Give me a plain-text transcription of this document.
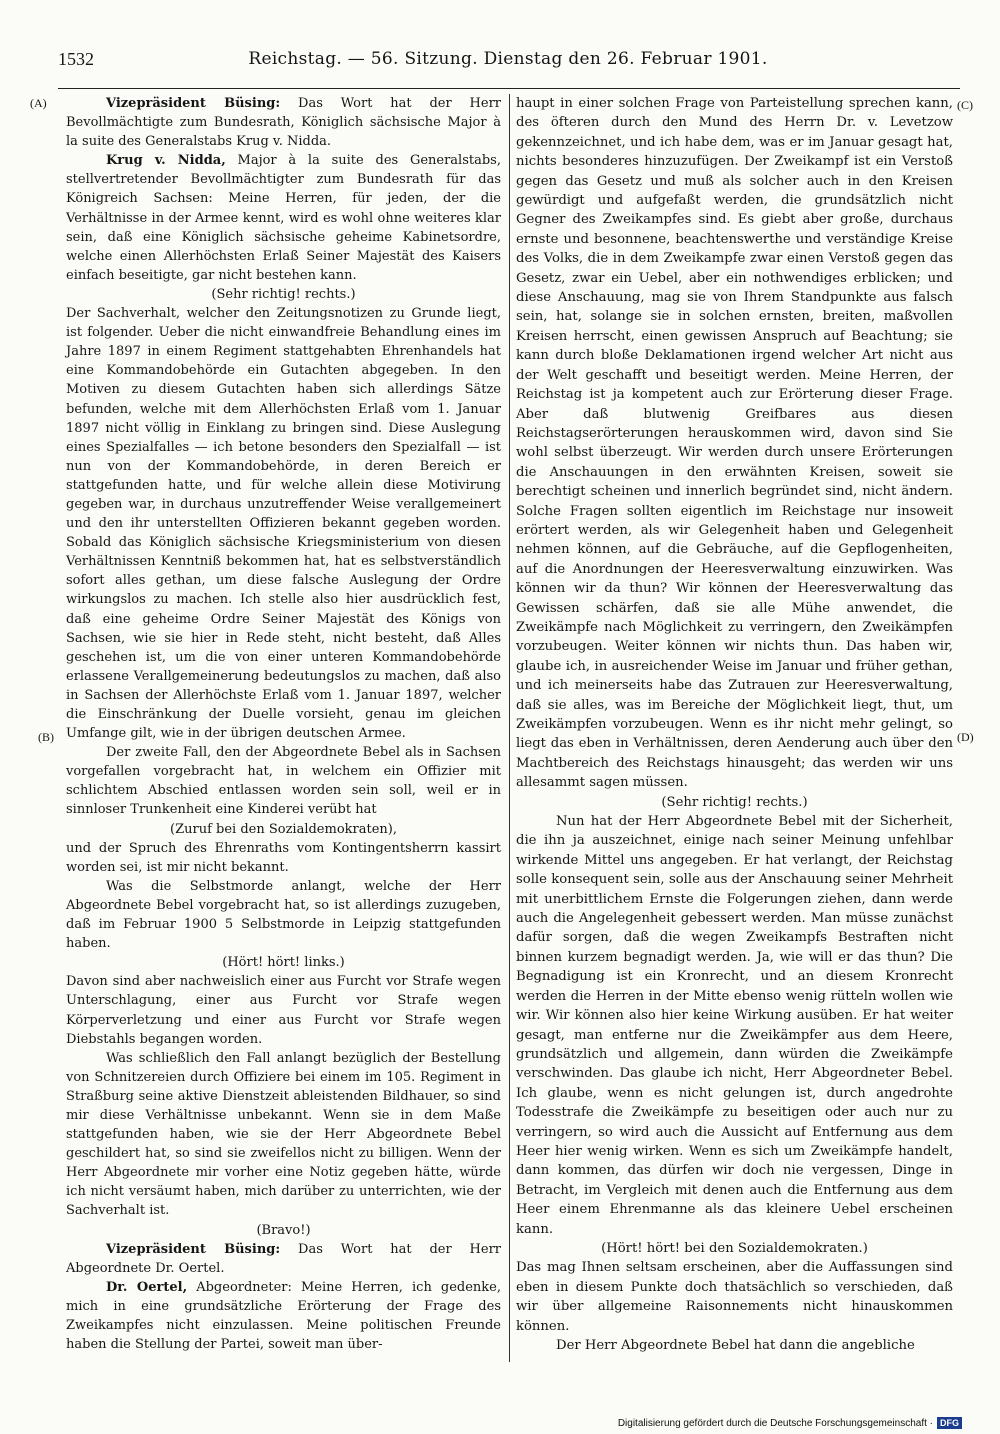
1532	Reichstag. — 56. Sitzung. Dienstag den 26. Februar 1901.
(A)
(B)
(C)
(D)

Vizepräsident Büsing: Das Wort hat der Herr Bevollmächtigte zum Bundesrath, Königlich sächsische Major à la suite des Generalstabs Krug v. Nidda.

Krug v. Nidda, Major à la suite des Generalstabs, stellvertretender Bevollmächtigter zum Bundesrath für das Königreich Sachsen: Meine Herren, für jeden, der die Verhältnisse in der Armee kennt, wird es wohl ohne weiteres klar sein, daß eine Königlich sächsische geheime Kabinetsordre, welche einen Allerhöchsten Erlaß Seiner Majestät des Kaisers einfach beseitigte, gar nicht bestehen kann.

(Sehr richtig! rechts.)

Der Sachverhalt, welcher den Zeitungsnotizen zu Grunde liegt, ist folgender. Ueber die nicht einwandfreie Behandlung eines im Jahre 1897 in einem Regiment stattgehabten Ehrenhandels hat eine Kommandobehörde ein Gutachten abgegeben. In den Motiven zu diesem Gutachten haben sich allerdings Sätze befunden, welche mit dem Allerhöchsten Erlaß vom 1. Januar 1897 nicht völlig in Einklang zu bringen sind. Diese Auslegung eines Spezialfalles — ich betone besonders den Spezialfall — ist nun von der Kommandobehörde, in deren Bereich er stattgefunden hatte, und für welche allein diese Motivirung gegeben war, in durchaus unzutreffender Weise verallgemeinert und den ihr unterstellten Offizieren bekannt gegeben worden. Sobald das Königlich sächsische Kriegsministerium von diesen Verhältnissen Kenntniß bekommen hat, hat es selbstverständlich sofort alles gethan, um diese falsche Auslegung der Ordre wirkungslos zu machen. Ich stelle also hier ausdrücklich fest, daß eine geheime Ordre Seiner Majestät des Königs von Sachsen, wie sie hier in Rede steht, nicht besteht, daß Alles geschehen ist, um die von einer unteren Kommandobehörde erlassene Verallgemeinerung bedeutungslos zu machen, daß also in Sachsen der Allerhöchste Erlaß vom 1. Januar 1897, welcher die Einschränkung der Duelle vorsieht, genau im gleichen Umfange gilt, wie in der übrigen deutschen Armee.

Der zweite Fall, den der Abgeordnete Bebel als in Sachsen vorgefallen vorgebracht hat, in welchem ein Offizier mit schlichtem Abschied entlassen worden sein soll, weil er in sinnloser Trunkenheit eine Kinderei verübt hat

(Zuruf bei den Sozialdemokraten),

und der Spruch des Ehrenraths vom Kontingentsherrn kassirt worden sei, ist mir nicht bekannt.

Was die Selbstmorde anlangt, welche der Herr Abgeordnete Bebel vorgebracht hat, so ist allerdings zuzugeben, daß im Februar 1900 5 Selbstmorde in Leipzig stattgefunden haben.

(Hört! hört! links.)

Davon sind aber nachweislich einer aus Furcht vor Strafe wegen Unterschlagung, einer aus Furcht vor Strafe wegen Körperverletzung und einer aus Furcht vor Strafe wegen Diebstahls begangen worden.

Was schließlich den Fall anlangt bezüglich der Bestellung von Schnitzereien durch Offiziere bei einem im 105. Regiment in Straßburg seine aktive Dienstzeit ableistenden Bildhauer, so sind mir diese Verhältnisse unbekannt. Wenn sie in dem Maße stattgefunden haben, wie sie der Herr Abgeordnete Bebel geschildert hat, so sind sie zweifellos nicht zu billigen. Wenn der Herr Abgeordnete mir vorher eine Notiz gegeben hätte, würde ich nicht versäumt haben, mich darüber zu unterrichten, wie der Sachverhalt ist.

(Bravo!)

Vizepräsident Büsing: Das Wort hat der Herr Abgeordnete Dr. Oertel.

Dr. Oertel, Abgeordneter: Meine Herren, ich gedenke, mich in eine grundsätzliche Erörterung der Frage des Zweikampfes nicht einzulassen. Meine politischen Freunde haben die Stellung der Partei, soweit man über-

haupt in einer solchen Frage von Parteistellung sprechen kann, des öfteren durch den Mund des Herrn Dr. v. Levetzow gekennzeichnet, und ich habe dem, was er im Januar gesagt hat, nichts besonderes hinzuzufügen. Der Zweikampf ist ein Verstoß gegen das Gesetz und muß als solcher auch in den Kreisen gewürdigt und aufgefaßt werden, die grundsätzlich nicht Gegner des Zweikampfes sind. Es giebt aber große, durchaus ernste und besonnene, beachtenswerthe und verständige Kreise des Volks, die in dem Zweikampfe zwar einen Verstoß gegen das Gesetz, zwar ein Uebel, aber ein nothwendiges erblicken; und diese Anschauung, mag sie von Ihrem Standpunkte aus falsch sein, hat, solange sie in solchen ernsten, breiten, maßvollen Kreisen herrscht, einen gewissen Anspruch auf Beachtung; sie kann durch bloße Deklamationen irgend welcher Art nicht aus der Welt geschafft und beseitigt werden. Meine Herren, der Reichstag ist ja kompetent auch zur Erörterung dieser Frage. Aber daß blutwenig Greifbares aus diesen Reichstagserörterungen herauskommen wird, davon sind Sie wohl selbst überzeugt. Wir werden durch unsere Erörterungen die Anschauungen in den erwähnten Kreisen, soweit sie berechtigt scheinen und innerlich begründet sind, nicht ändern. Solche Fragen sollten eigentlich im Reichstage nur insoweit erörtert werden, als wir Gelegenheit haben und Gelegenheit nehmen können, auf die Gebräuche, auf die Gepflogenheiten, auf die Anordnungen der Heeresverwaltung einzuwirken. Was können wir da thun? Wir können der Heeresverwaltung das Gewissen schärfen, daß sie alle Mühe anwendet, die Zweikämpfe nach Möglichkeit zu verringern, den Zweikämpfen vorzubeugen. Weiter können wir nichts thun. Das haben wir, glaube ich, in ausreichender Weise im Januar und früher gethan, und ich meinerseits habe das Zutrauen zur Heeresverwaltung, daß sie alles, was im Bereiche der Möglichkeit liegt, thut, um Zweikämpfen vorzubeugen. Wenn es ihr nicht mehr gelingt, so liegt das eben in Verhältnissen, deren Aenderung auch über den Machtbereich des Reichstags hinausgeht; das werden wir uns allesammt sagen müssen.

(Sehr richtig! rechts.)

Nun hat der Herr Abgeordnete Bebel mit der Sicherheit, die ihn ja auszeichnet, einige nach seiner Meinung unfehlbar wirkende Mittel uns angegeben. Er hat verlangt, der Reichstag solle konsequent sein, solle aus der Anschauung seiner Mehrheit mit unerbittlichem Ernste die Folgerungen ziehen, dann werde auch die Angelegenheit gebessert werden. Man müsse zunächst dafür sorgen, daß die wegen Zweikampfs Bestraften nicht binnen kurzem begnadigt werden. Ja, wie will er das thun? Die Begnadigung ist ein Kronrecht, und an diesem Kronrecht werden die Herren in der Mitte ebenso wenig rütteln wollen wie wir. Wir können also hier keine Wirkung ausüben. Er hat weiter gesagt, man entferne nur die Zweikämpfer aus dem Heere, grundsätzlich und allgemein, dann würden die Zweikämpfe verschwinden. Das glaube ich nicht, Herr Abgeordneter Bebel. Ich glaube, wenn es nicht gelungen ist, durch angedrohte Todesstrafe die Zweikämpfe zu beseitigen oder auch nur zu verringern, so wird auch die Aussicht auf Entfernung aus dem Heer hier wenig wirken. Wenn es sich um Zweikämpfe handelt, dann kommen, das dürfen wir doch nie vergessen, Dinge in Betracht, im Vergleich mit denen auch die Entfernung aus dem Heer einem Ehrenmanne als das kleinere Uebel erscheinen kann.

(Hört! hört! bei den Sozialdemokraten.)

Das mag Ihnen seltsam erscheinen, aber die Auffassungen sind eben in diesem Punkte doch thatsächlich so verschieden, daß wir über allgemeine Raisonnements nicht hinauskommen können.

Der Herr Abgeordnete Bebel hat dann die angebliche

Digitalisierung gefördert durch die Deutsche Forschungsgemeinschaft · DFG
